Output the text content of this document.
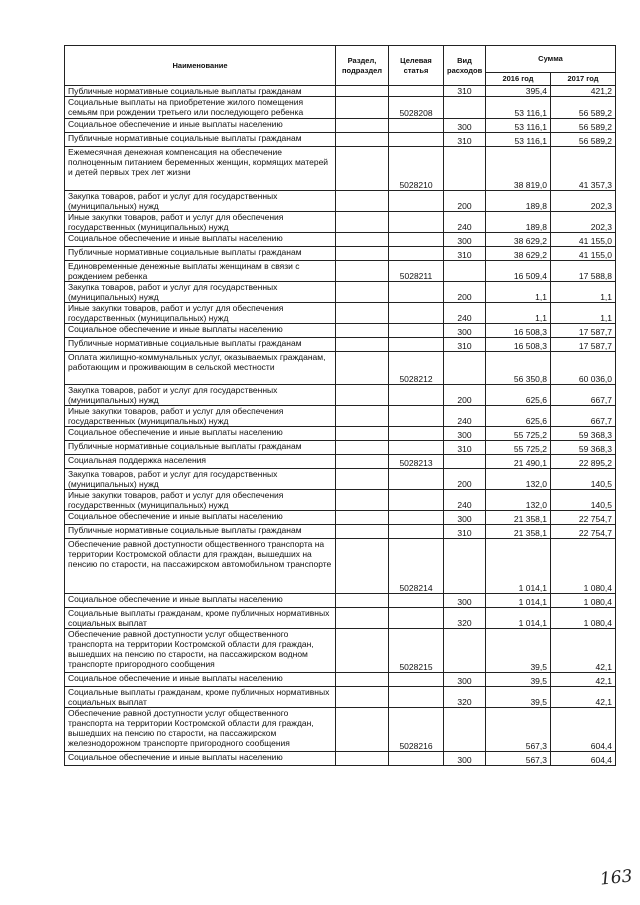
Наименование	Раздел, подраздел	Целевая статья	Вид расходов	Сумма	
				2016 год	2017 год
Публичные нормативные социальные выплаты гражданам			310	395,4	421,2
Социальные выплаты на приобретение жилого помещения семьям при рождении третьего или последующего ребенка		5028208		53 116,1	56 589,2
Социальное обеспечение и иные выплаты населению			300	53 116,1	56 589,2
Публичные нормативные социальные выплаты гражданам			310	53 116,1	56 589,2
Ежемесячная денежная компенсация на обеспечение полноценным питанием беременных женщин, кормящих матерей и детей первых трех лет жизни		5028210		38 819,0	41 357,3
Закупка товаров, работ и услуг для государственных (муниципальных) нужд			200	189,8	202,3
Иные закупки товаров, работ и услуг для обеспечения государственных (муниципальных) нужд			240	189,8	202,3
Социальное обеспечение и иные выплаты населению			300	38 629,2	41 155,0
Публичные нормативные социальные выплаты гражданам			310	38 629,2	41 155,0
Единовременные денежные выплаты женщинам в связи с рождением ребенка		5028211		16 509,4	17 588,8
Закупка товаров, работ и услуг для государственных (муниципальных) нужд			200	1,1	1,1
Иные закупки товаров, работ и услуг для обеспечения государственных (муниципальных) нужд			240	1,1	1,1
Социальное обеспечение и иные выплаты населению			300	16 508,3	17 587,7
Публичные нормативные социальные выплаты гражданам			310	16 508,3	17 587,7
Оплата жилищно-коммунальных услуг, оказываемых гражданам, работающим и проживающим в сельской местности		5028212		56 350,8	60 036,0
Закупка товаров, работ и услуг для государственных (муниципальных) нужд			200	625,6	667,7
Иные закупки товаров, работ и услуг для обеспечения государственных (муниципальных) нужд			240	625,6	667,7
Социальное обеспечение и иные выплаты населению			300	55 725,2	59 368,3
Публичные нормативные социальные выплаты гражданам			310	55 725,2	59 368,3
Социальная поддержка населения		5028213		21 490,1	22 895,2
Закупка товаров, работ и услуг для государственных (муниципальных) нужд			200	132,0	140,5
Иные закупки товаров, работ и услуг для обеспечения государственных (муниципальных) нужд			240	132,0	140,5
Социальное обеспечение и иные выплаты населению			300	21 358,1	22 754,7
Публичные нормативные социальные выплаты гражданам			310	21 358,1	22 754,7
Обеспечение равной доступности общественного транспорта на территории Костромской области для граждан, вышедших на пенсию по старости, на пассажирском автомобильном транспорте		5028214		1 014,1	1 080,4
Социальное обеспечение и иные выплаты населению			300	1 014,1	1 080,4
Социальные выплаты гражданам, кроме публичных нормативных социальных выплат			320	1 014,1	1 080,4
Обеспечение равной доступности услуг общественного транспорта на территории Костромской области для граждан, вышедших на пенсию по старости, на пассажирском водном транспорте пригородного сообщения		5028215		39,5	42,1
Социальное обеспечение и иные выплаты населению			300	39,5	42,1
Социальные выплаты гражданам, кроме публичных нормативных социальных выплат			320	39,5	42,1
Обеспечение равной доступности услуг общественного транспорта на территории Костромской области для граждан, вышедших на пенсию по старости, на пассажирском железнодорожном транспорте пригородного сообщения		5028216		567,3	604,4
Социальное обеспечение и иные выплаты населению			300	567,3	604,4
163
